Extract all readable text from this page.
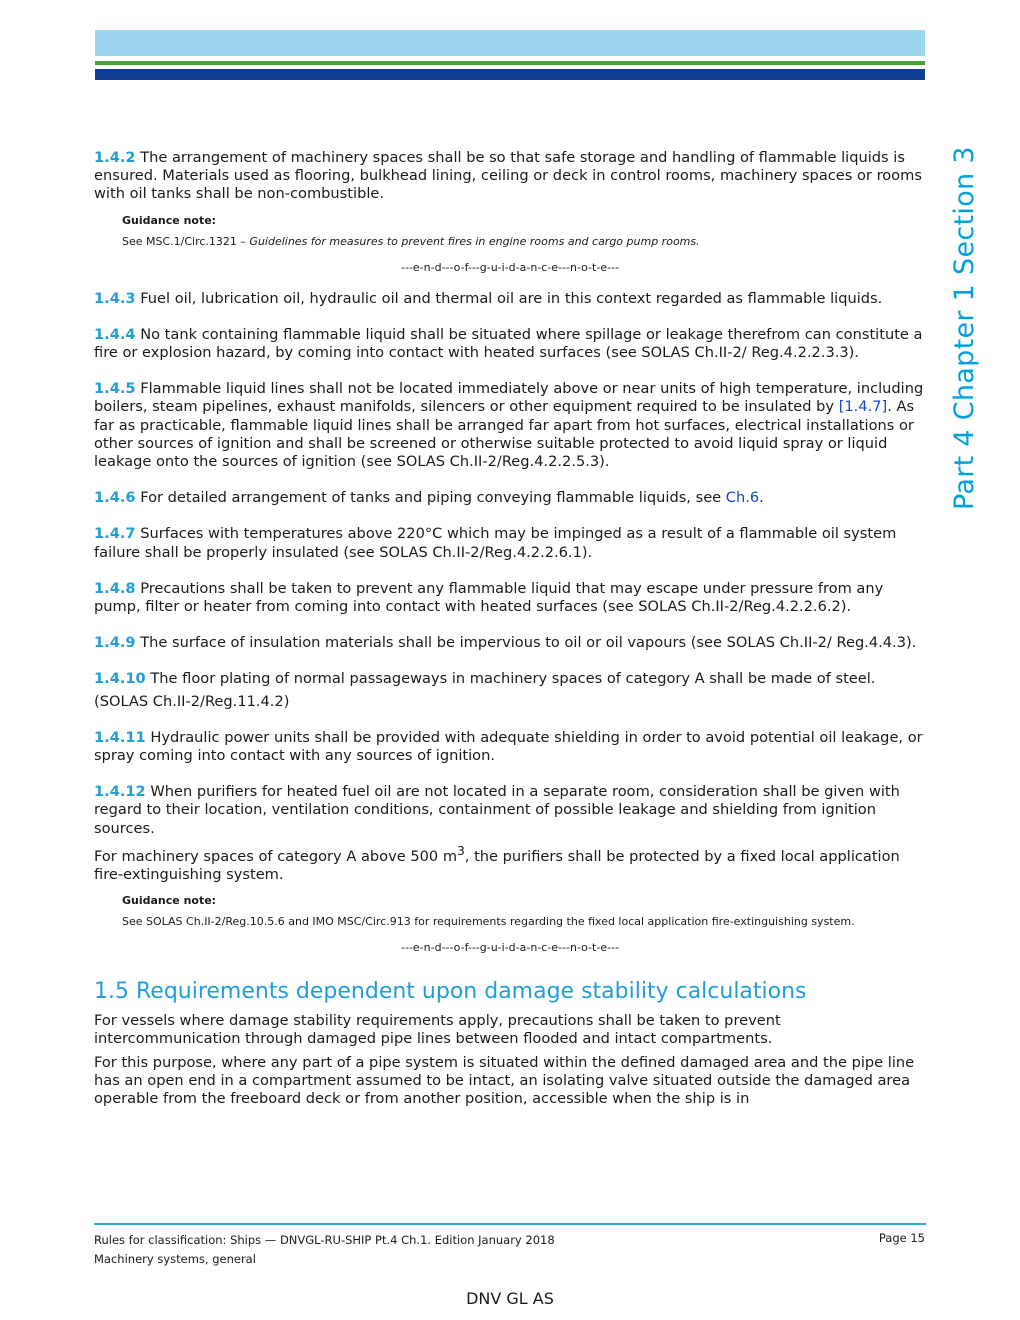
Part 4 Chapter 1 Section 3

1.4.2 The arrangement of machinery spaces shall be so that safe storage and handling of flammable liquids is ensured. Materials used as flooring, bulkhead lining, ceiling or deck in control rooms, machinery spaces or rooms with oil tanks shall be non-combustible.

Guidance note:
See MSC.1/Circ.1321 – Guidelines for measures to prevent fires in engine rooms and cargo pump rooms.
---e-n-d---o-f---g-u-i-d-a-n-c-e---n-o-t-e---

1.4.3 Fuel oil, lubrication oil, hydraulic oil and thermal oil are in this context regarded as flammable liquids.

1.4.4 No tank containing flammable liquid shall be situated where spillage or leakage therefrom can constitute a fire or explosion hazard, by coming into contact with heated surfaces (see SOLAS Ch.II-2/ Reg.4.2.2.3.3).

1.4.5 Flammable liquid lines shall not be located immediately above or near units of high temperature, including boilers, steam pipelines, exhaust manifolds, silencers or other equipment required to be insulated by [1.4.7]. As far as practicable, flammable liquid lines shall be arranged far apart from hot surfaces, electrical installations or other sources of ignition and shall be screened or otherwise suitable protected to avoid liquid spray or liquid leakage onto the sources of ignition (see SOLAS Ch.II-2/Reg.4.2.2.5.3).

1.4.6 For detailed arrangement of tanks and piping conveying flammable liquids, see Ch.6.

1.4.7 Surfaces with temperatures above 220°C which may be impinged as a result of a flammable oil system failure shall be properly insulated (see SOLAS Ch.II-2/Reg.4.2.2.6.1).

1.4.8 Precautions shall be taken to prevent any flammable liquid that may escape under pressure from any pump, filter or heater from coming into contact with heated surfaces (see SOLAS Ch.II-2/Reg.4.2.2.6.2).

1.4.9 The surface of insulation materials shall be impervious to oil or oil vapours (see SOLAS Ch.II-2/ Reg.4.4.3).

1.4.10 The floor plating of normal passageways in machinery spaces of category A shall be made of steel.

(SOLAS Ch.II-2/Reg.11.4.2)

1.4.11 Hydraulic power units shall be provided with adequate shielding in order to avoid potential oil leakage, or spray coming into contact with any sources of ignition.

1.4.12 When purifiers for heated fuel oil are not located in a separate room, consideration shall be given with regard to their location, ventilation conditions, containment of possible leakage and shielding from ignition sources.

For machinery spaces of category A above 500 $m^3$, the purifiers shall be protected by a fixed local application fire-extinguishing system.

Guidance note:
See SOLAS Ch.II-2/Reg.10.5.6 and IMO MSC/Circ.913 for requirements regarding the fixed local application fire-extinguishing system.
---e-n-d---o-f---g-u-i-d-a-n-c-e---n-o-t-e---
1.5 Requirements dependent upon damage stability calculations

For vessels where damage stability requirements apply, precautions shall be taken to prevent intercommunication through damaged pipe lines between flooded and intact compartments.

For this purpose, where any part of a pipe system is situated within the defined damaged area and the pipe line has an open end in a compartment assumed to be intact, an isolating valve situated outside the damaged area operable from the freeboard deck or from another position, accessible when the ship is in

Rules for classification: Ships — DNVGL-RU-SHIP Pt.4 Ch.1. Edition January 2018
Machinery systems, general
Page 15
DNV GL AS
